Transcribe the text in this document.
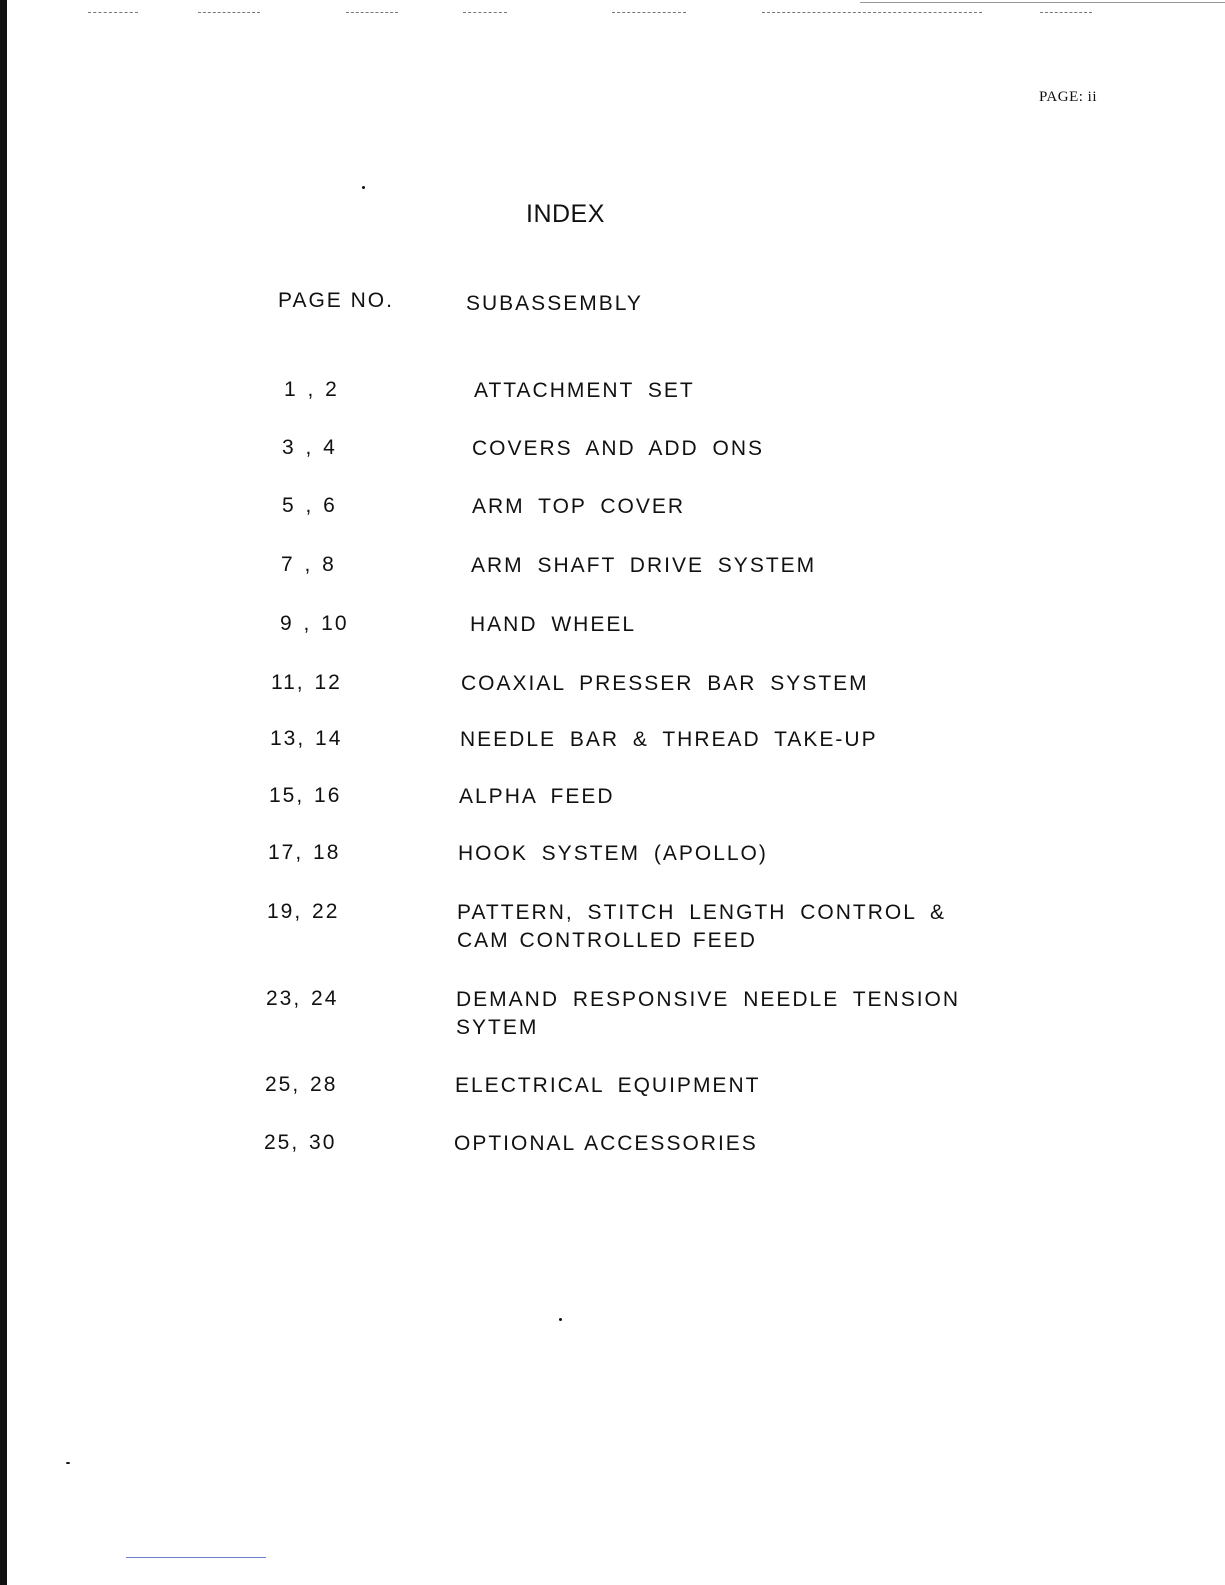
PAGE: ii
INDEX
PAGE NO.	SUBASSEMBLY
1 , 2	ATTACHMENT SET
3 , 4	COVERS AND ADD ONS
5 , 6	ARM TOP COVER
7 , 8	ARM SHAFT DRIVE SYSTEM
9 , 10	HAND WHEEL
11, 12	COAXIAL PRESSER BAR SYSTEM
13, 14	NEEDLE BAR & THREAD TAKE-UP
15, 16	ALPHA FEED
17, 18	HOOK SYSTEM (APOLLO)
19, 22	PATTERN, STITCH LENGTH CONTROL &
CAM CONTROLLED FEED
23, 24	DEMAND RESPONSIVE NEEDLE TENSION
SYTEM
25, 28	ELECTRICAL EQUIPMENT
25, 30	OPTIONAL ACCESSORIES
